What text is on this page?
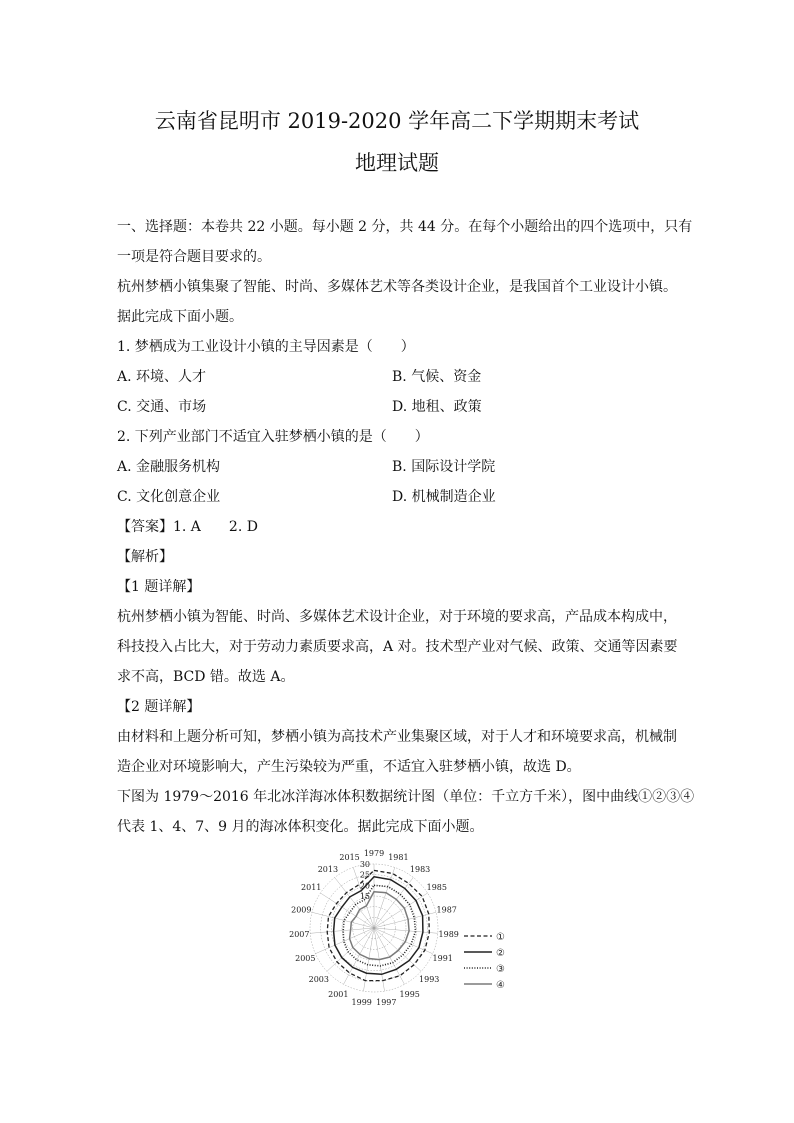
云南省昆明市 2019-2020 学年高二下学期期末考试
地理试题
一、选择题：本卷共 22 小题。每小题 2 分，共 44 分。在每个小题给出的四个选项中，只有
一项是符合题目要求的。
杭州梦栖小镇集聚了智能、时尚、多媒体艺术等各类设计企业，是我国首个工业设计小镇。
据此完成下面小题。
1. 梦栖成为工业设计小镇的主导因素是（　　）
A. 环境、人才	B. 气候、资金
C. 交通、市场	D. 地租、政策
2. 下列产业部门不适宜入驻梦栖小镇的是（　　）
A. 金融服务机构	B. 国际设计学院
C. 文化创意企业	D. 机械制造企业
【答案】1. A　　2. D
【解析】
【1 题详解】
杭州梦栖小镇为智能、时尚、多媒体艺术设计企业，对于环境的要求高，产品成本构成中，
科技投入占比大，对于劳动力素质要求高，A 对。技术型产业对气候、政策、交通等因素要
求不高，BCD 错。故选 A。
【2 题详解】
由材料和上题分析可知，梦栖小镇为高技术产业集聚区域，对于人才和环境要求高，机械制
造企业对环境影响大，产生污染较为严重，不适宜入驻梦栖小镇，故选 D。
下图为 1979～2016 年北冰洋海冰体积数据统计图（单位：千立方千米），图中曲线①②③④
代表 1、4、7、9 月的海冰体积变化。据此完成下面小题。
1979 1981
1983
1985
1987
1989
1991
1993
1995
1997
1999
2001
2003
2005
2007
2009
2011
2013
2015
30
25
20
15
①
②
③
④
